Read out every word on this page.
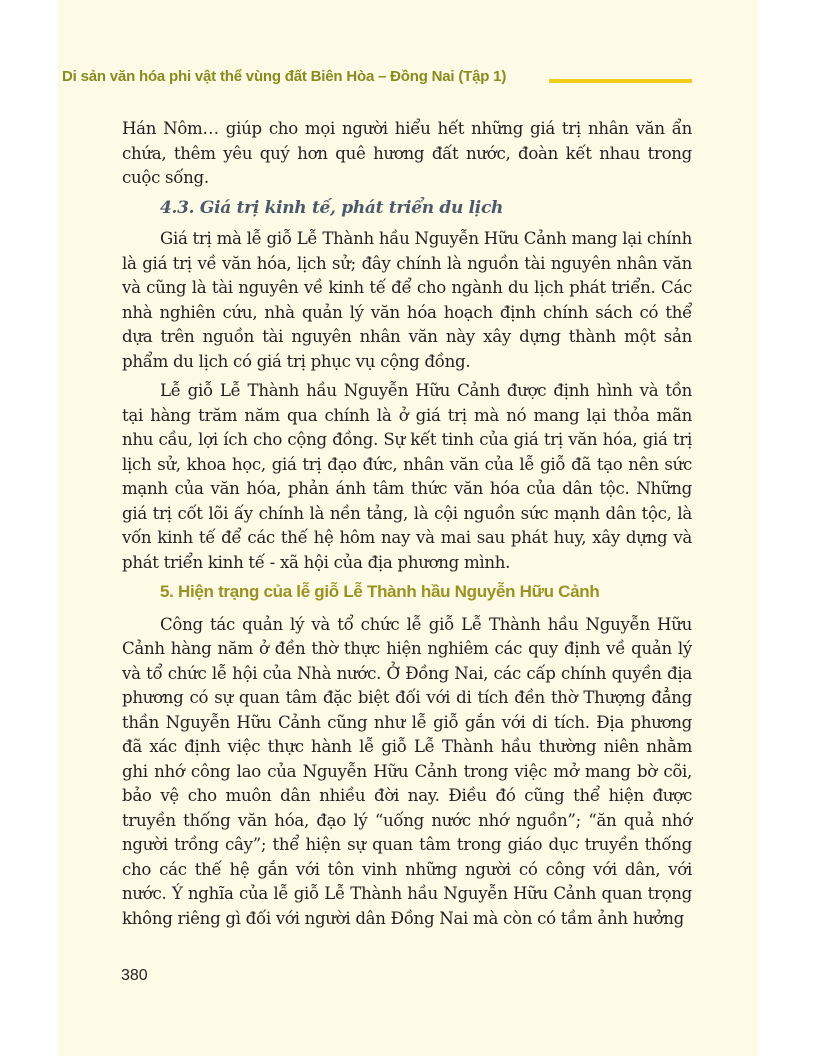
Di sản văn hóa phi vật thể vùng đất Biên Hòa – Đồng Nai (Tập 1)

Hán Nôm… giúp cho mọi người hiểu hết những giá trị nhân văn ẩn chứa, thêm yêu quý hơn quê hương đất nước, đoàn kết nhau trong cuộc sống.

4.3. Giá trị kinh tế, phát triển du lịch

Giá trị mà lễ giỗ Lễ Thành hầu Nguyễn Hữu Cảnh mang lại chính là giá trị về văn hóa, lịch sử; đây chính là nguồn tài nguyên nhân văn và cũng là tài nguyên về kinh tế để cho ngành du lịch phát triển. Các nhà nghiên cứu, nhà quản lý văn hóa hoạch định chính sách có thể dựa trên nguồn tài nguyên nhân văn này xây dựng thành một sản phẩm du lịch có giá trị phục vụ cộng đồng.

Lễ giỗ Lễ Thành hầu Nguyễn Hữu Cảnh được định hình và tồn tại hàng trăm năm qua chính là ở giá trị mà nó mang lại thỏa mãn nhu cầu, lợi ích cho cộng đồng. Sự kết tinh của giá trị văn hóa, giá trị lịch sử, khoa học, giá trị đạo đức, nhân văn của lễ giỗ đã tạo nên sức mạnh của văn hóa, phản ánh tâm thức văn hóa của dân tộc. Những giá trị cốt lõi ấy chính là nền tảng, là cội nguồn sức mạnh dân tộc, là vốn kinh tế để các thế hệ hôm nay và mai sau phát huy, xây dựng và phát triển kinh tế - xã hội của địa phương mình.

5. Hiện trạng của lễ giỗ Lễ Thành hầu Nguyễn Hữu Cảnh

Công tác quản lý và tổ chức lễ giỗ Lễ Thành hầu Nguyễn Hữu Cảnh hàng năm ở đền thờ thực hiện nghiêm các quy định về quản lý và tổ chức lễ hội của Nhà nước. Ở Đồng Nai, các cấp chính quyền địa phương có sự quan tâm đặc biệt đối với di tích đền thờ Thượng đẳng thần Nguyễn Hữu Cảnh cũng như lễ giỗ gắn với di tích. Địa phương đã xác định việc thực hành lễ giỗ Lễ Thành hầu thường niên nhằm ghi nhớ công lao của Nguyễn Hữu Cảnh trong việc mở mang bờ cõi, bảo vệ cho muôn dân nhiều đời nay. Điều đó cũng thể hiện được truyền thống văn hóa, đạo lý “uống nước nhớ nguồn”; “ăn quả nhớ người trồng cây”; thể hiện sự quan tâm trong giáo dục truyền thống cho các thế hệ gắn với tôn vinh những người có công với dân, với nước. Ý nghĩa của lễ giỗ Lễ Thành hầu Nguyễn Hữu Cảnh quan trọng không riêng gì đối với người dân Đồng Nai mà còn có tầm ảnh hưởng

380
